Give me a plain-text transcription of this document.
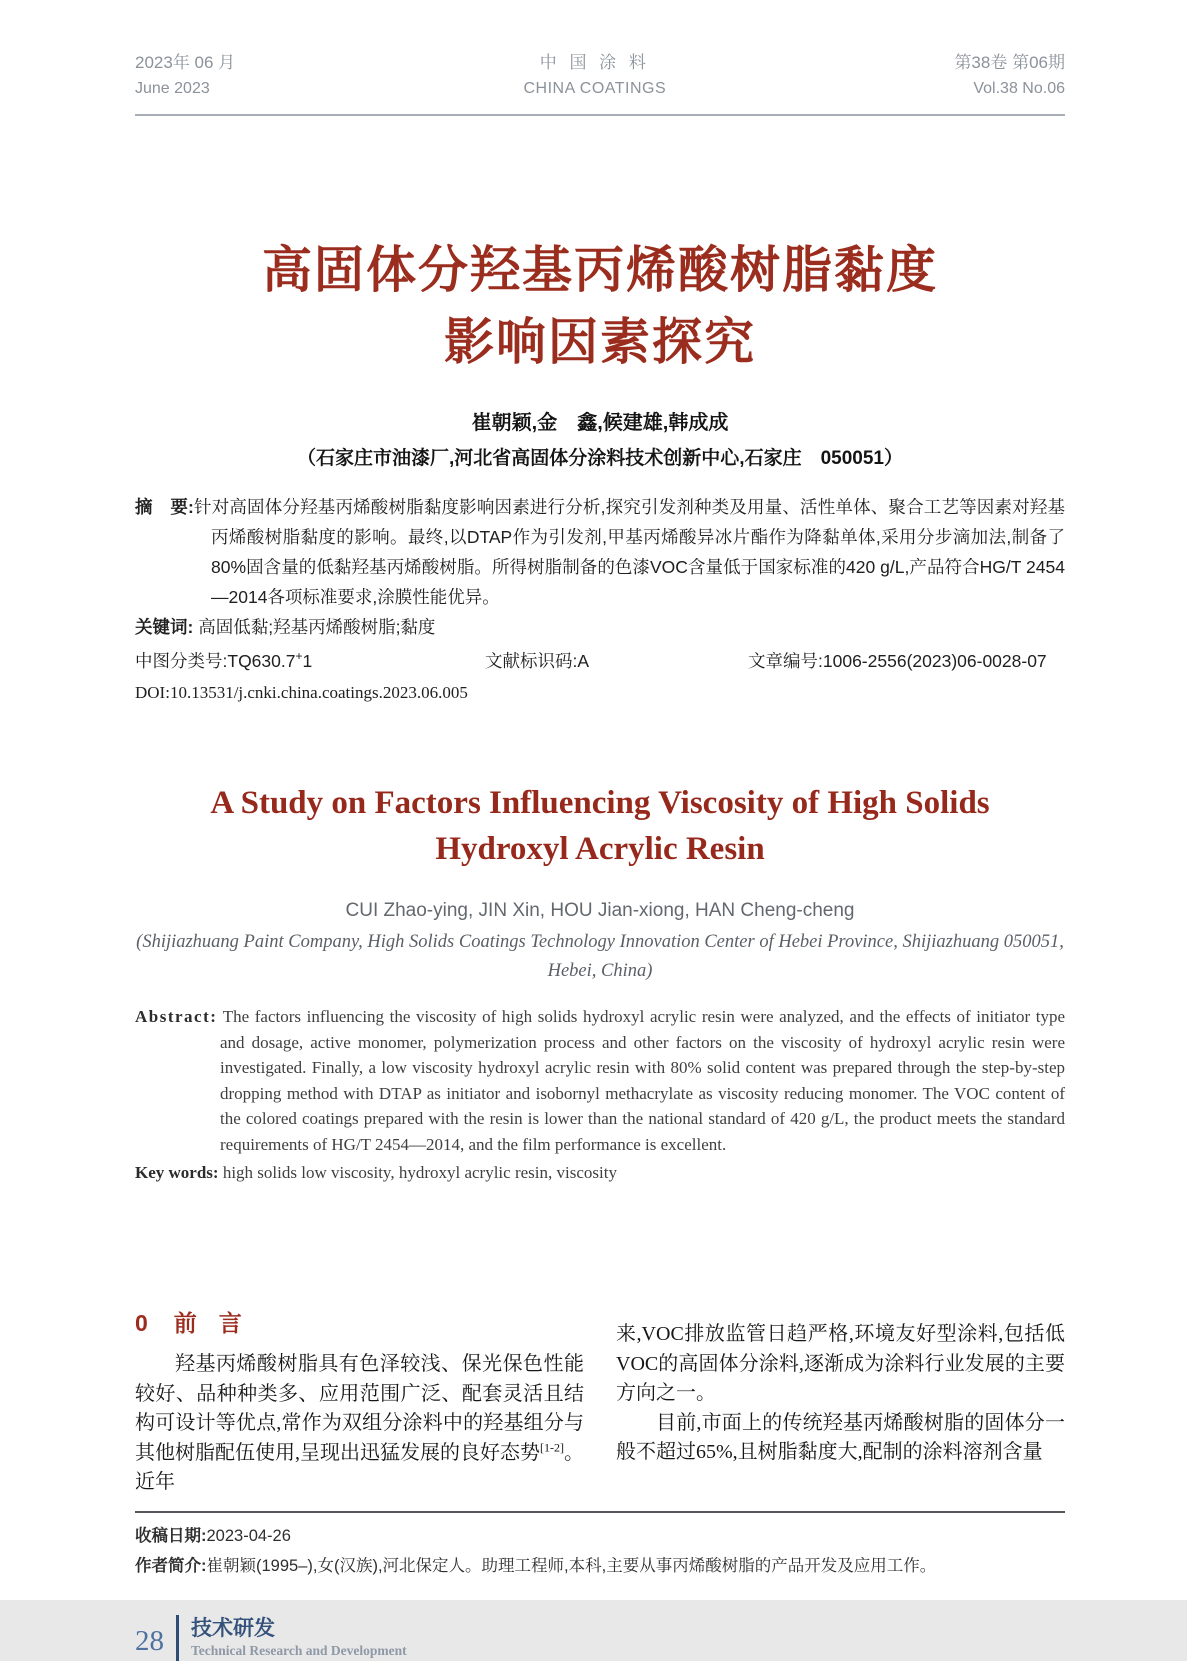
2023年 06 月
June 2023
中 国 涂 料
CHINA COATINGS
第38卷 第06期
Vol.38 No.06
高固体分羟基丙烯酸树脂黏度
影响因素探究
崔朝颖,金　鑫,候建雄,韩成成
（石家庄市油漆厂,河北省高固体分涂料技术创新中心,石家庄　050051）
摘　要:针对高固体分羟基丙烯酸树脂黏度影响因素进行分析,探究引发剂种类及用量、活性单体、聚合工艺等因素对羟基丙烯酸树脂黏度的影响。最终,以DTAP作为引发剂,甲基丙烯酸异冰片酯作为降黏单体,采用分步滴加法,制备了80%固含量的低黏羟基丙烯酸树脂。所得树脂制备的色漆VOC含量低于国家标准的420 g/L,产品符合HG/T 2454—2014各项标准要求,涂膜性能优异。
关键词: 高固低黏;羟基丙烯酸树脂;黏度
中图分类号:TQ630.7+1	文献标识码:A	文章编号:1006-2556(2023)06-0028-07
DOI:10.13531/j.cnki.china.coatings.2023.06.005
A Study on Factors Influencing Viscosity of High Solids
Hydroxyl Acrylic Resin
CUI Zhao-ying, JIN Xin, HOU Jian-xiong, HAN Cheng-cheng
(Shijiazhuang Paint Company, High Solids Coatings Technology Innovation Center of Hebei Province, Shijiazhuang 050051,
Hebei, China)
Abstract: The factors influencing the viscosity of high solids hydroxyl acrylic resin were analyzed, and the effects of initiator type and dosage, active monomer, polymerization process and other factors on the viscosity of hydroxyl acrylic resin were investigated. Finally, a low viscosity hydroxyl acrylic resin with 80% solid content was prepared through the step-by-step dropping method with DTAP as initiator and isobornyl methacrylate as viscosity reducing monomer. The VOC content of the colored coatings prepared with the resin is lower than the national standard of 420 g/L, the product meets the standard requirements of HG/T 2454—2014, and the film performance is excellent.
Key words: high solids low viscosity, hydroxyl acrylic resin, viscosity
0 前言
羟基丙烯酸树脂具有色泽较浅、保光保色性能较好、品种种类多、应用范围广泛、配套灵活且结构可设计等优点,常作为双组分涂料中的羟基组分与其他树脂配伍使用,呈现出迅猛发展的良好态势[1-2]。近年
来,VOC排放监管日趋严格,环境友好型涂料,包括低VOC的高固体分涂料,逐渐成为涂料行业发展的主要方向之一。
目前,市面上的传统羟基丙烯酸树脂的固体分一般不超过65%,且树脂黏度大,配制的涂料溶剂含量
收稿日期:2023-04-26
作者简介:崔朝颖(1995–),女(汉族),河北保定人。助理工程师,本科,主要从事丙烯酸树脂的产品开发及应用工作。
28 技术研发
Technical Research and Development
